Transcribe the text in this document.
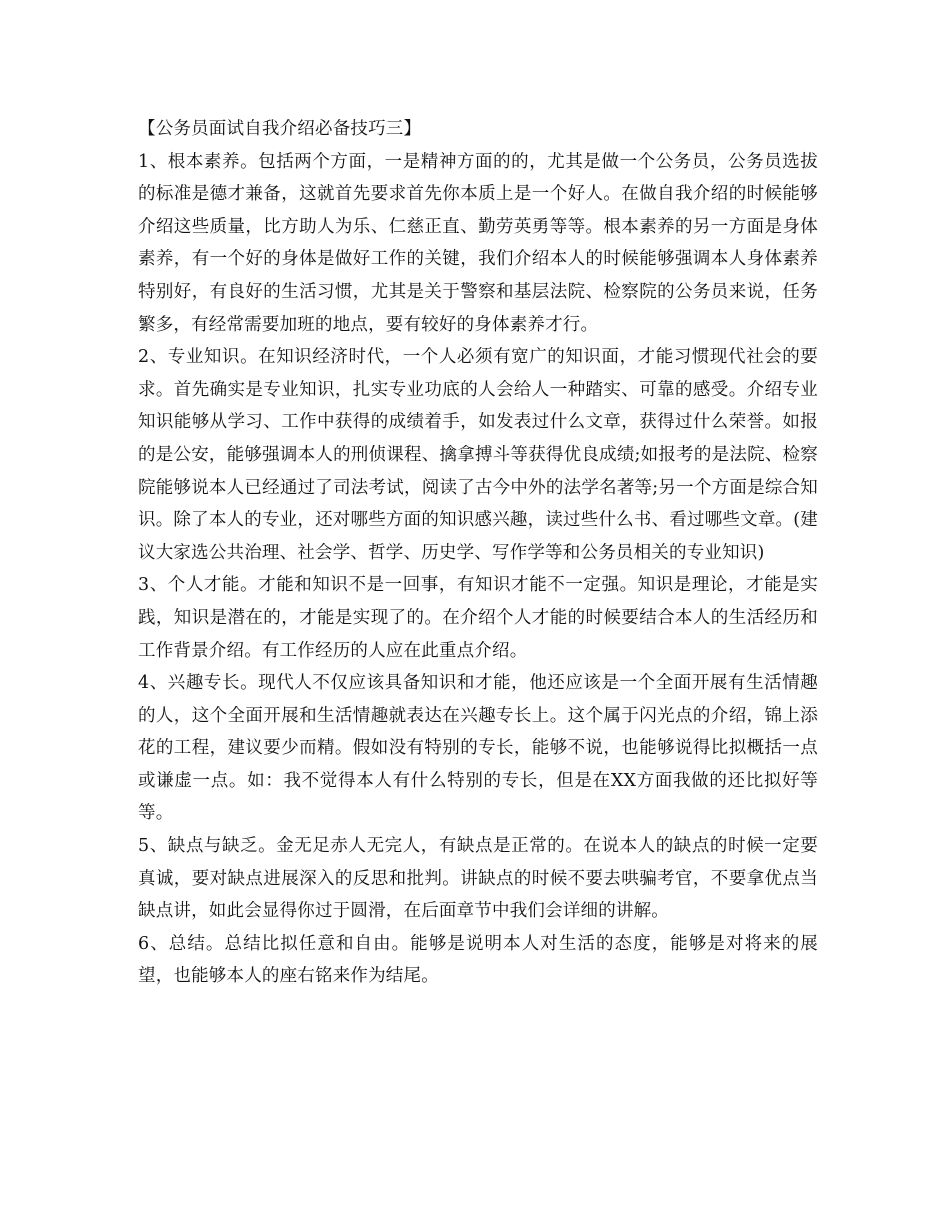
【公务员面试自我介绍必备技巧三】

1、根本素养。包括两个方面，一是精神方面的的，尤其是做一个公务员，公务员选拔的标准是德才兼备，这就首先要求首先你本质上是一个好人。在做自我介绍的时候能够介绍这些质量，比方助人为乐、仁慈正直、勤劳英勇等等。根本素养的另一方面是身体素养，有一个好的身体是做好工作的关键，我们介绍本人的时候能够强调本人身体素养特别好，有良好的生活习惯，尤其是关于警察和基层法院、检察院的公务员来说，任务繁多，有经常需要加班的地点，要有较好的身体素养才行。

2、专业知识。在知识经济时代，一个人必须有宽广的知识面，才能习惯现代社会的要求。首先确实是专业知识，扎实专业功底的人会给人一种踏实、可靠的感受。介绍专业知识能够从学习、工作中获得的成绩着手，如发表过什么文章，获得过什么荣誉。如报的是公安，能够强调本人的刑侦课程、擒拿搏斗等获得优良成绩;如报考的是法院、检察院能够说本人已经通过了司法考试，阅读了古今中外的法学名著等;另一个方面是综合知识。除了本人的专业，还对哪些方面的知识感兴趣，读过些什么书、看过哪些文章。(建议大家选公共治理、社会学、哲学、历史学、写作学等和公务员相关的专业知识)

3、个人才能。才能和知识不是一回事，有知识才能不一定强。知识是理论，才能是实践，知识是潜在的，才能是实现了的。在介绍个人才能的时候要结合本人的生活经历和工作背景介绍。有工作经历的人应在此重点介绍。

4、兴趣专长。现代人不仅应该具备知识和才能，他还应该是一个全面开展有生活情趣的人，这个全面开展和生活情趣就表达在兴趣专长上。这个属于闪光点的介绍，锦上添花的工程，建议要少而精。假如没有特别的专长，能够不说，也能够说得比拟概括一点或谦虚一点。如：我不觉得本人有什么特别的专长，但是在XX方面我做的还比拟好等等。

5、缺点与缺乏。金无足赤人无完人，有缺点是正常的。在说本人的缺点的时候一定要真诚，要对缺点进展深入的反思和批判。讲缺点的时候不要去哄骗考官，不要拿优点当缺点讲，如此会显得你过于圆滑，在后面章节中我们会详细的讲解。

6、总结。总结比拟任意和自由。能够是说明本人对生活的态度，能够是对将来的展望，也能够本人的座右铭来作为结尾。
